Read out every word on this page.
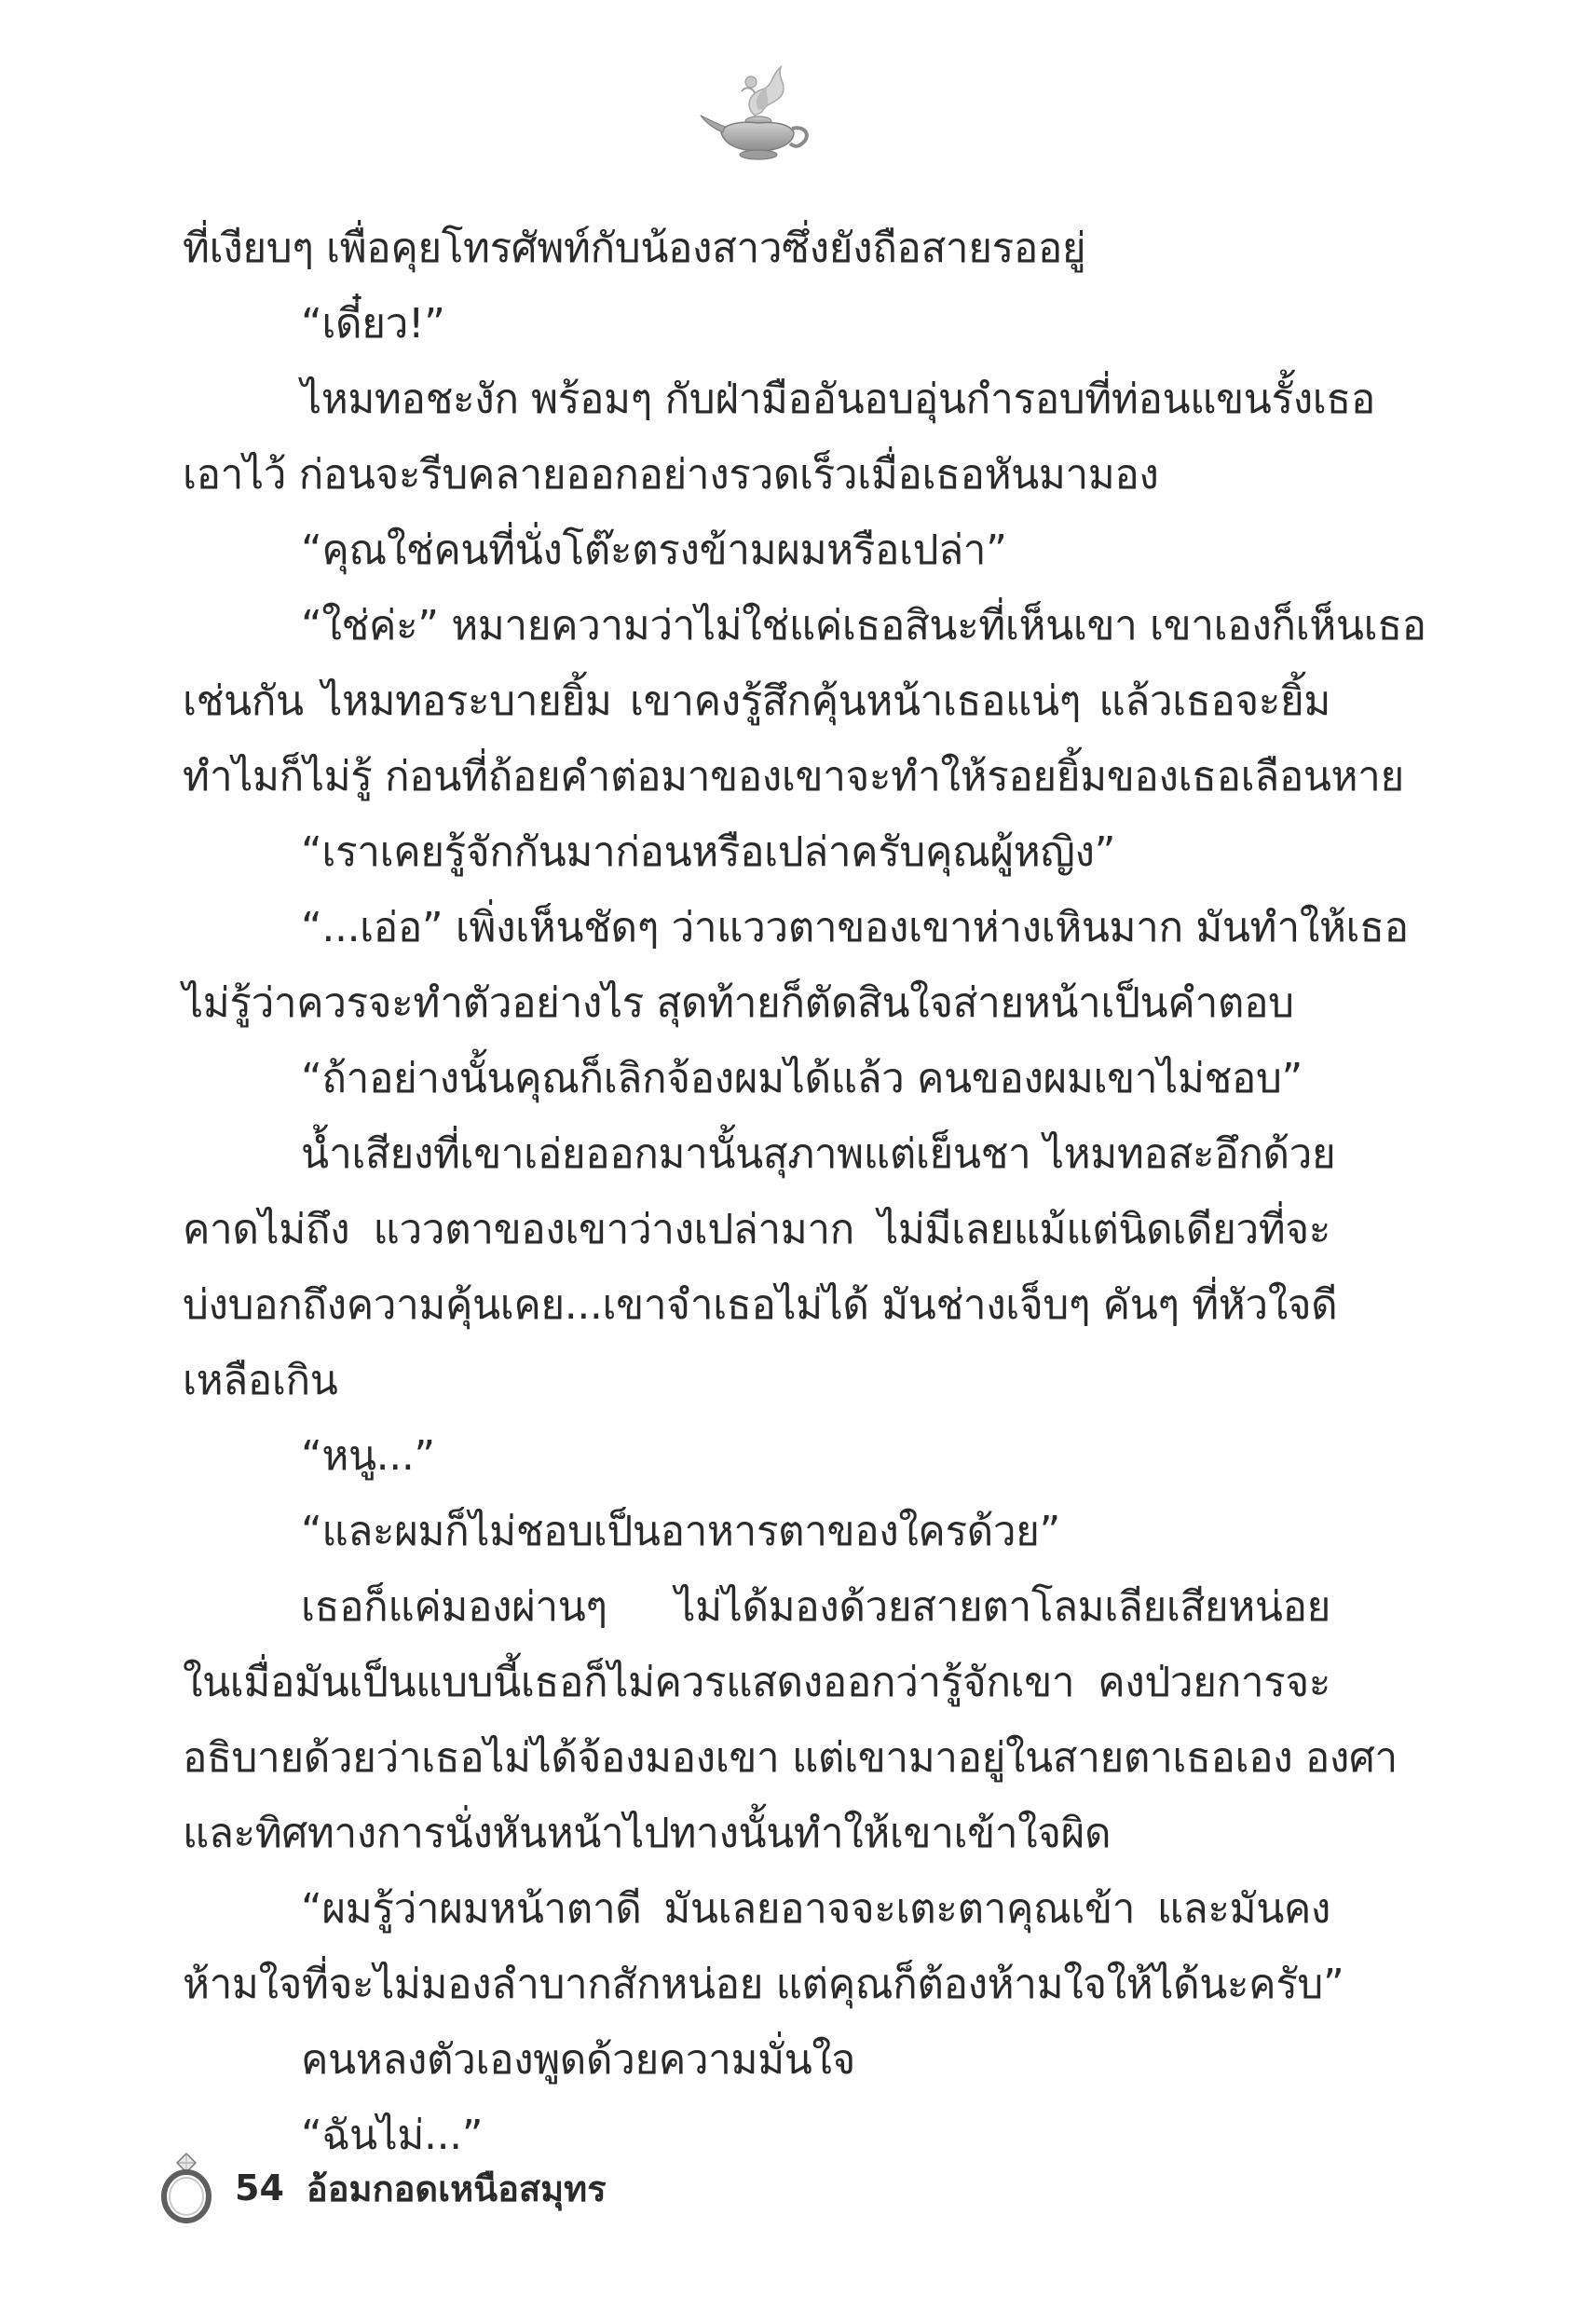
ที่เงียบๆ เพื่อคุยโทรศัพท์กับน้องสาวซึ่งยังถือสายรออยู่
“เดี๋ยว!”
ไหมทอชะงัก พร้อมๆ กับฝ่ามืออันอบอุ่นกำรอบที่ท่อนแขนรั้งเธอ
เอาไว้ ก่อนจะรีบคลายออกอย่างรวดเร็วเมื่อเธอหันมามอง
“คุณใช่คนที่นั่งโต๊ะตรงข้ามผมหรือเปล่า”
“ใช่ค่ะ” หมายความว่าไม่ใช่แค่เธอสินะที่เห็นเขา เขาเองก็เห็นเธอ
เช่นกัน ไหมทอระบายยิ้ม เขาคงรู้สึกคุ้นหน้าเธอแน่ๆ แล้วเธอจะยิ้ม
ทำไมก็ไม่รู้ ก่อนที่ถ้อยคำต่อมาของเขาจะทำให้รอยยิ้มของเธอเลือนหาย
“เราเคยรู้จักกันมาก่อนหรือเปล่าครับคุณผู้หญิง”
“...เอ่อ” เพิ่งเห็นชัดๆ ว่าแววตาของเขาห่างเหินมาก มันทำให้เธอ
ไม่รู้ว่าควรจะทำตัวอย่างไร สุดท้ายก็ตัดสินใจส่ายหน้าเป็นคำตอบ
“ถ้าอย่างนั้นคุณก็เลิกจ้องผมได้แล้ว คนของผมเขาไม่ชอบ”
น้ำเสียงที่เขาเอ่ยออกมานั้นสุภาพแต่เย็นชา ไหมทอสะอึกด้วย
คาดไม่ถึง แววตาของเขาว่างเปล่ามาก ไม่มีเลยแม้แต่นิดเดียวที่จะ
บ่งบอกถึงความคุ้นเคย...เขาจำเธอไม่ได้ มันช่างเจ็บๆ คันๆ ที่หัวใจดี
เหลือเกิน
“หนู...”
“และผมก็ไม่ชอบเป็นอาหารตาของใครด้วย”
เธอก็แค่มองผ่านๆ ไม่ได้มองด้วยสายตาโลมเลียเสียหน่อย
ในเมื่อมันเป็นแบบนี้เธอก็ไม่ควรแสดงออกว่ารู้จักเขา คงป่วยการจะ
อธิบายด้วยว่าเธอไม่ได้จ้องมองเขา แต่เขามาอยู่ในสายตาเธอเอง องศา
และทิศทางการนั่งหันหน้าไปทางนั้นทำให้เขาเข้าใจผิด
“ผมรู้ว่าผมหน้าตาดี มันเลยอาจจะเตะตาคุณเข้า และมันคง
ห้ามใจที่จะไม่มองลำบากสักหน่อย แต่คุณก็ต้องห้ามใจให้ได้นะครับ”
คนหลงตัวเองพูดด้วยความมั่นใจ
“ฉันไม่...”
54 อ้อมกอดเหนือสมุทร
